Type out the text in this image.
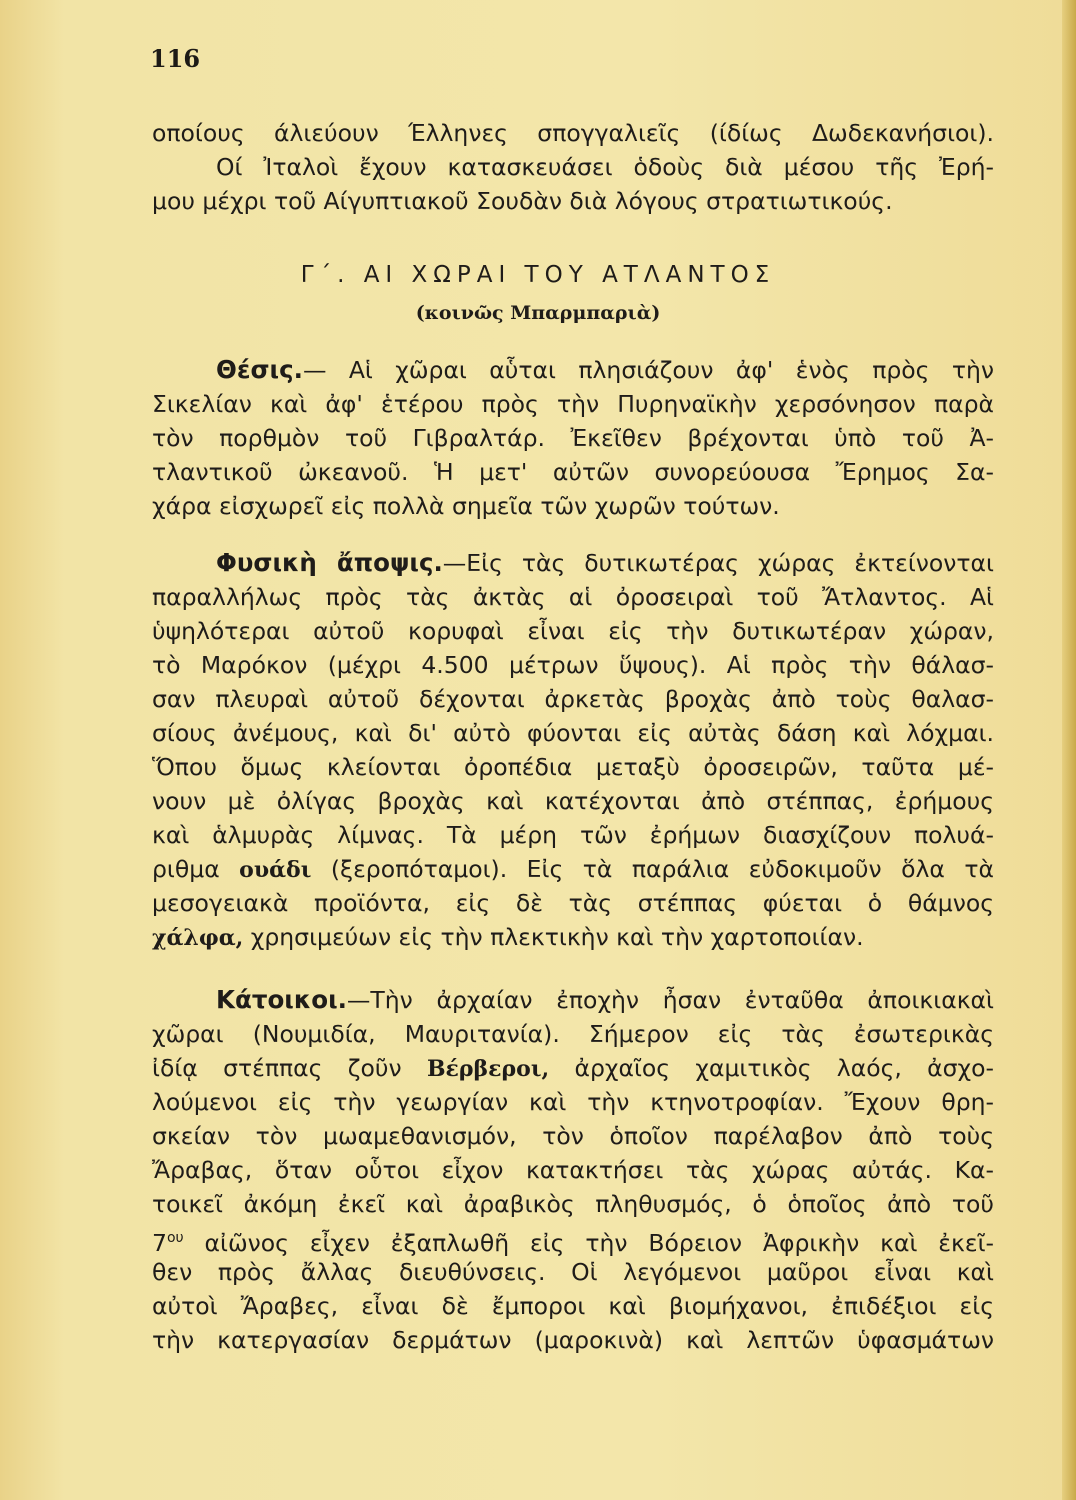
116
οποίους άλιεύουν Έλληνες σπογγαλιεῖς (ίδίως Δωδεκανήσιοι).
Οί Ἰταλοὶ ἔχουν κατασκευάσει ὁδοὺς διὰ μέσου τῆς Ἐρή-
μου μέχρι τοῦ Αίγυπτιακοῦ Σουδὰν διὰ λόγους στρατιωτικούς.
Γ΄. ΑΙ ΧΩΡΑΙ ΤΟΥ ΑΤΛΑΝΤΟΣ
(κοινῶς Μπαρμπαριὰ)
Θέσις.— Αἱ χῶραι αὗται πλησιάζουν ἀφ' ἑνὸς πρὸς τὴν
Σικελίαν καὶ ἀφ' ἑτέρου πρὸς τὴν Πυρηναϊκὴν χερσόνησον παρὰ
τὸν πορθμὸν τοῦ Γιβραλτάρ. Ἐκεῖθεν βρέχονται ὑπὸ τοῦ Ἀ-
τλαντικοῦ ὠκεανοῦ. Ἡ μετ' αὐτῶν συνορεύουσα Ἔρημος Σα-
χάρα εἰσχωρεῖ εἰς πολλὰ σημεῖα τῶν χωρῶν τούτων.
Φυσικὴ ἄποψις.—Εἰς τὰς δυτικωτέρας χώρας ἐκτείνονται
παραλλήλως πρὸς τὰς ἀκτὰς αἱ ὀροσειραὶ τοῦ Ἄτλαντος. Αἱ
ὑψηλότεραι αὐτοῦ κορυφαὶ εἶναι εἰς τὴν δυτικωτέραν χώραν,
τὸ Μαρόκον (μέχρι 4.500 μέτρων ὕψους). Αἱ πρὸς τὴν θάλασ-
σαν πλευραὶ αὐτοῦ δέχονται ἀρκετὰς βροχὰς ἀπὸ τοὺς θαλασ-
σίους ἀνέμους, καὶ δι' αὐτὸ φύονται εἰς αὐτὰς δάση καὶ λόχμαι.
Ὅπου ὅμως κλείονται ὀροπέδια μεταξὺ ὀροσειρῶν, ταῦτα μέ-
νουν μὲ ὀλίγας βροχὰς καὶ κατέχονται ἀπὸ στέππας, ἐρήμους
καὶ ἁλμυρὰς λίμνας. Τὰ μέρη τῶν ἐρήμων διασχίζουν πολυά-
ριθμα ουάδι (ξεροπόταμοι). Εἰς τὰ παράλια εὐδοκιμοῦν ὅλα τὰ
μεσογειακὰ προϊόντα, εἰς δὲ τὰς στέππας φύεται ὁ θάμνος
χάλφα, χρησιμεύων εἰς τὴν πλεκτικὴν καὶ τὴν χαρτοποιίαν.
Κάτοικοι.—Τὴν ἀρχαίαν ἐποχὴν ἦσαν ἐνταῦθα ἀποικιακαὶ
χῶραι (Νουμιδία, Μαυριτανία). Σήμερον εἰς τὰς ἐσωτερικὰς
ἰδίᾳ στέππας ζοῦν Βέρβεροι, ἀρχαῖος χαμιτικὸς λαός, ἀσχο-
λούμενοι εἰς τὴν γεωργίαν καὶ τὴν κτηνοτροφίαν. Ἔχουν θρη-
σκείαν τὸν μωαμεθανισμόν, τὸν ὁποῖον παρέλαβον ἀπὸ τοὺς
Ἄραβας, ὅταν οὗτοι εἶχον κατακτήσει τὰς χώρας αὐτάς. Κα-
τοικεῖ ἀκόμη ἐκεῖ καὶ ἀραβικὸς πληθυσμός, ὁ ὁποῖος ἀπὸ τοῦ
$7^{o\upsilon}$ αἰῶνος εἶχεν ἐξαπλωθῆ εἰς τὴν Βόρειον Ἀφρικὴν καὶ ἐκεῖ-
θεν πρὸς ἄλλας διευθύνσεις. Οἱ λεγόμενοι μαῦροι εἶναι καὶ
αὐτοὶ Ἄραβες, εἶναι δὲ ἔμποροι καὶ βιομήχανοι, ἐπιδέξιοι εἰς
τὴν κατεργασίαν δερμάτων (μαροκινὰ) καὶ λεπτῶν ὑφασμάτων
